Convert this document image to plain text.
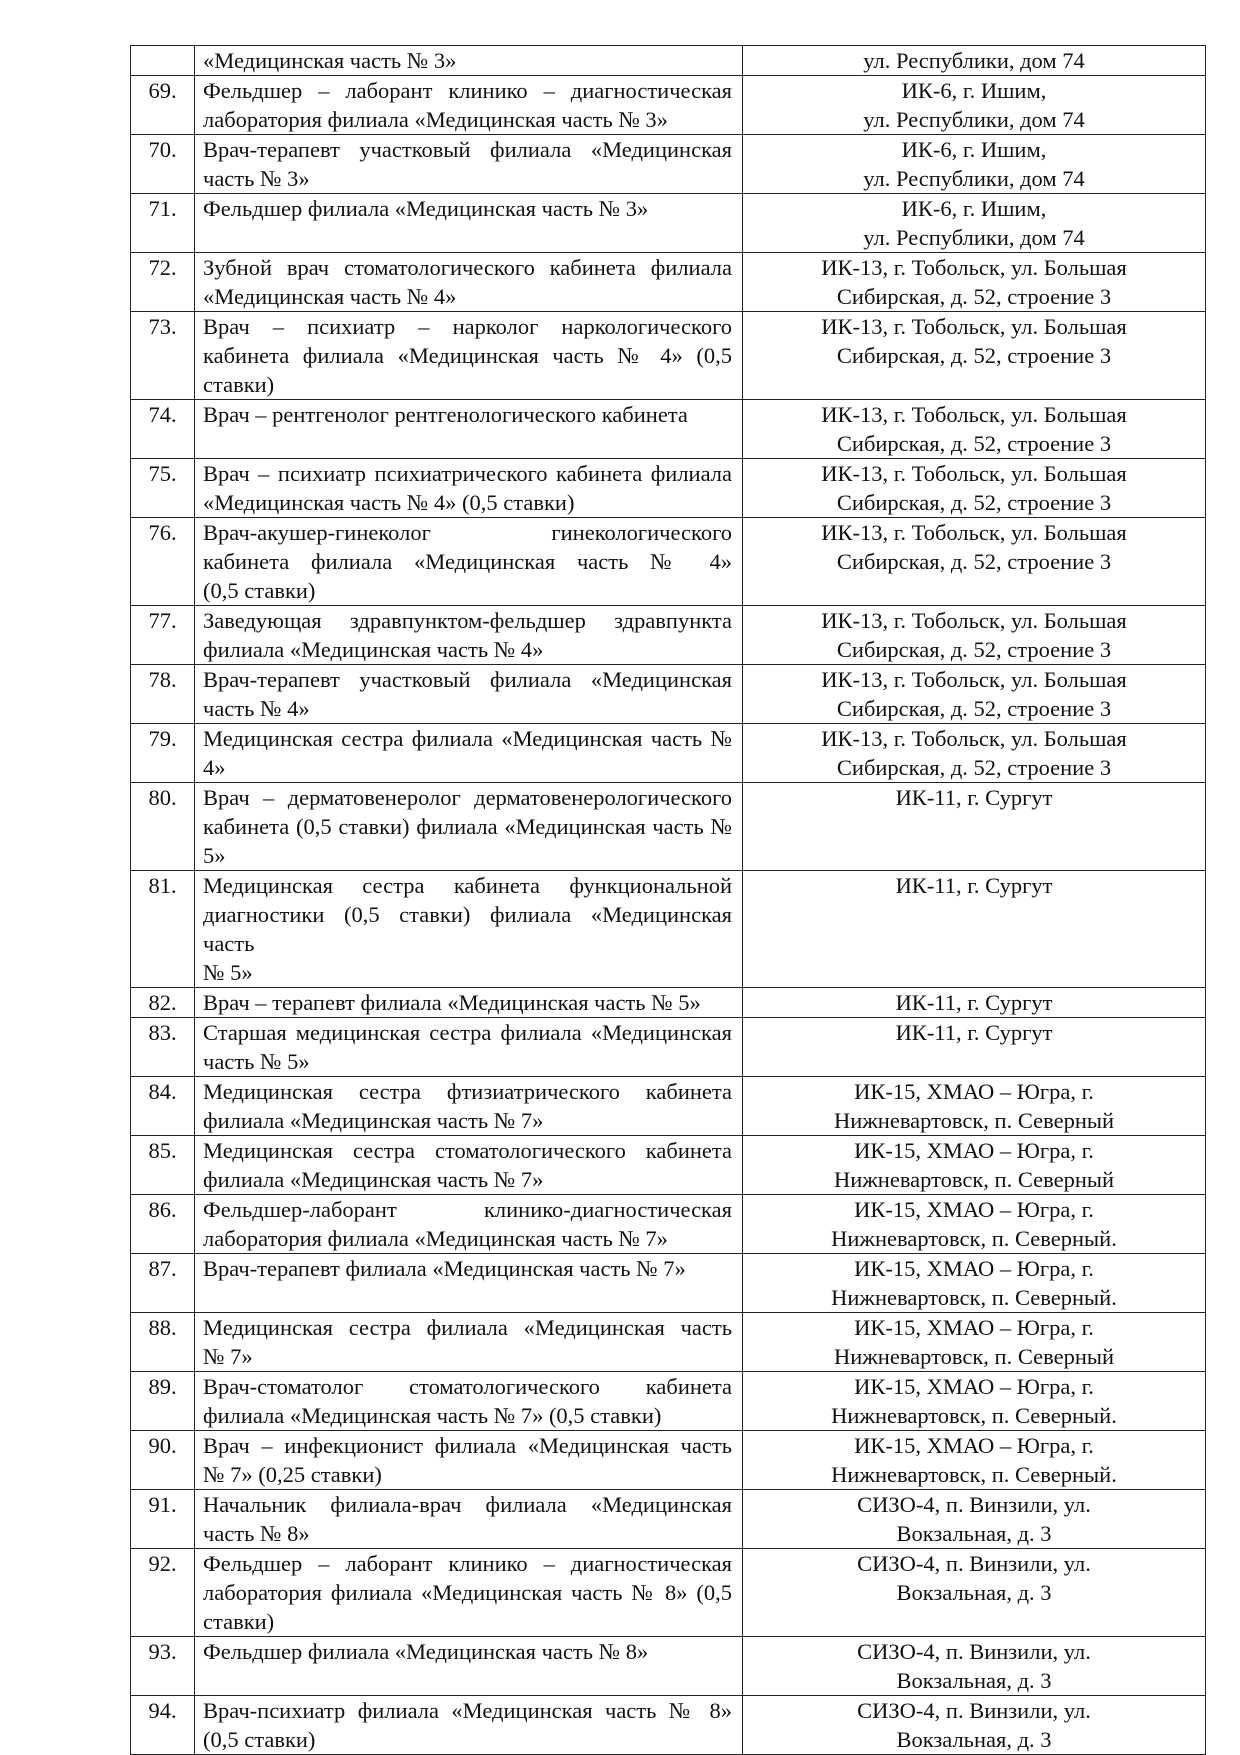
	«Медицинская часть № 3»	ул. Республики, дом 74

69.	Фельдшер – лаборант клинико – диагностическая
лаборатория филиала «Медицинская часть № 3»	ИК-6, г. Ишим,
ул. Республики, дом 74

70.	Врач-терапевт участковый филиала «Медицинская
часть № 3»	ИК-6, г. Ишим,
ул. Республики, дом 74

71.	Фельдшер филиала «Медицинская часть № 3»	ИК-6, г. Ишим,
ул. Республики, дом 74

72.	Зубной врач стоматологического кабинета филиала
«Медицинская часть № 4»	ИК-13, г. Тобольск, ул. Большая
Сибирская, д. 52, строение 3

73.	Врач – психиатр – нарколог наркологического
кабинета филиала «Медицинская часть № 4» (0,5
ставки)	ИК-13, г. Тобольск, ул. Большая
Сибирская, д. 52, строение 3

74.	Врач – рентгенолог рентгенологического кабинета	ИК-13, г. Тобольск, ул. Большая
Сибирская, д. 52, строение 3

75.	Врач – психиатр психиатрического кабинета филиала
«Медицинская часть № 4» (0,5 ставки)	ИК-13, г. Тобольск, ул. Большая
Сибирская, д. 52, строение 3

76.	Врач-акушер-гинеколог гинекологического
кабинета филиала «Медицинская часть № 4»
(0,5 ставки)	ИК-13, г. Тобольск, ул. Большая
Сибирская, д. 52, строение 3

77.	Заведующая здравпунктом-фельдшер здравпункта
филиала «Медицинская часть № 4»	ИК-13, г. Тобольск, ул. Большая
Сибирская, д. 52, строение 3

78.	Врач-терапевт участковый филиала «Медицинская
часть № 4»	ИК-13, г. Тобольск, ул. Большая
Сибирская, д. 52, строение 3

79.	Медицинская сестра филиала «Медицинская часть №
4»	ИК-13, г. Тобольск, ул. Большая
Сибирская, д. 52, строение 3

80.	Врач – дерматовенеролог дерматовенерологического
кабинета (0,5 ставки) филиала «Медицинская часть №
5»	ИК-11, г. Сургут

81.	Медицинская сестра кабинета функциональной
диагностики (0,5 ставки) филиала «Медицинская часть
№ 5»	ИК-11, г. Сургут

82.	Врач – терапевт филиала «Медицинская часть № 5»	ИК-11, г. Сургут

83.	Старшая медицинская сестра филиала «Медицинская
часть № 5»	ИК-11, г. Сургут

84.	Медицинская сестра фтизиатрического кабинета
филиала «Медицинская часть № 7»	ИК-15, ХМАО – Югра, г.
Нижневартовск, п. Северный

85.	Медицинская сестра стоматологического кабинета
филиала «Медицинская часть № 7»	ИК-15, ХМАО – Югра, г.
Нижневартовск, п. Северный

86.	Фельдшер-лаборант клинико-диагностическая
лаборатория филиала «Медицинская часть № 7»	ИК-15, ХМАО – Югра, г.
Нижневартовск, п. Северный.

87.	Врач-терапевт филиала «Медицинская часть № 7»	ИК-15, ХМАО – Югра, г.
Нижневартовск, п. Северный.

88.	Медицинская сестра филиала «Медицинская часть
№ 7»	ИК-15, ХМАО – Югра, г.
Нижневартовск, п. Северный

89.	Врач-стоматолог стоматологического кабинета
филиала «Медицинская часть № 7» (0,5 ставки)	ИК-15, ХМАО – Югра, г.
Нижневартовск, п. Северный.

90.	Врач – инфекционист филиала «Медицинская часть
№ 7» (0,25 ставки)	ИК-15, ХМАО – Югра, г.
Нижневартовск, п. Северный.

91.	Начальник филиала-врач филиала «Медицинская
часть № 8»	СИЗО-4, п. Винзили, ул.
Вокзальная, д. 3

92.	Фельдшер – лаборант клинико – диагностическая
лаборатория филиала «Медицинская часть № 8» (0,5
ставки)	СИЗО-4, п. Винзили, ул.
Вокзальная, д. 3

93.	Фельдшер филиала «Медицинская часть № 8»	СИЗО-4, п. Винзили, ул.
Вокзальная, д. 3

94.	Врач-психиатр филиала «Медицинская часть № 8»
(0,5 ставки)	СИЗО-4, п. Винзили, ул.
Вокзальная, д. 3
